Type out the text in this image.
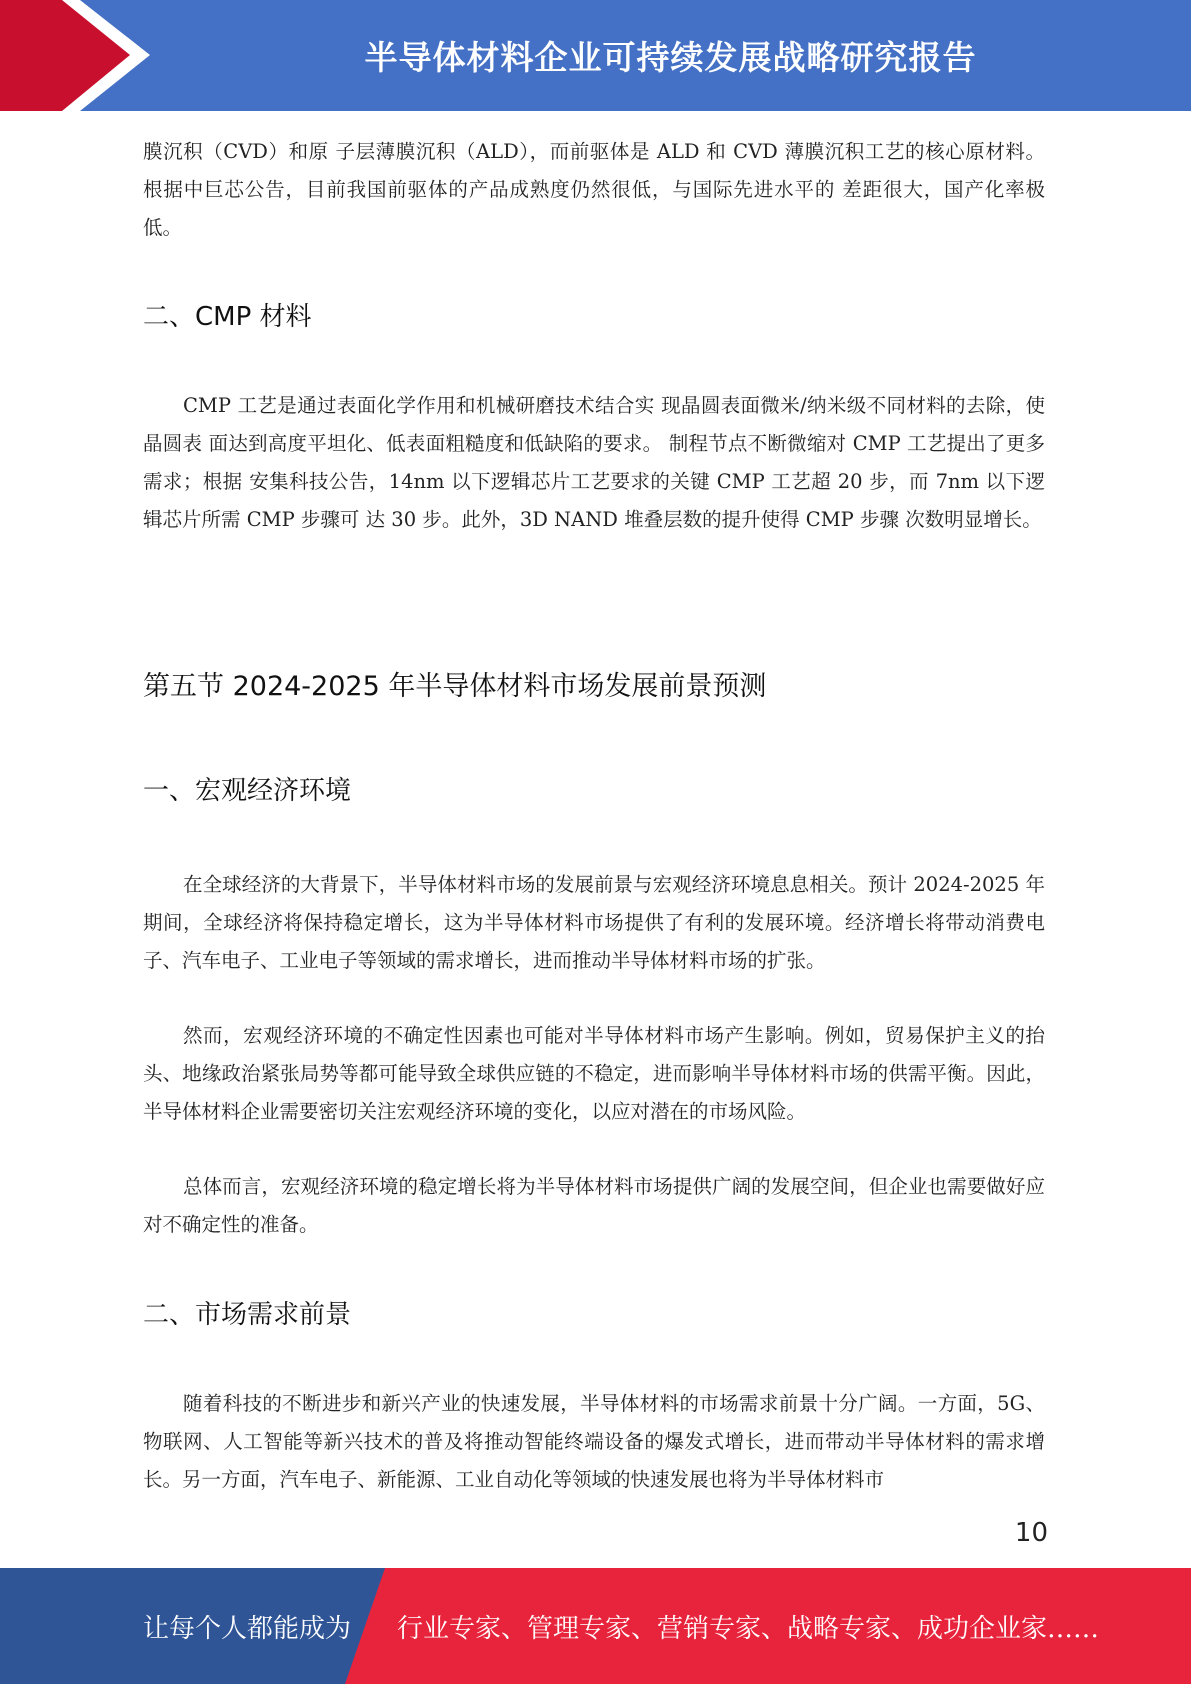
半导体材料企业可持续发展战略研究报告
膜沉积（CVD）和原 子层薄膜沉积（ALD），而前驱体是 ALD 和 CVD 薄膜沉积工艺的核心原材料。 根据中巨芯公告，目前我国前驱体的产品成熟度仍然很低，与国际先进水平的 差距很大，国产化率极低。
二、CMP 材料
CMP 工艺是通过表面化学作用和机械研磨技术结合实 现晶圆表面微米/纳米级不同材料的去除，使晶圆表 面达到高度平坦化、低表面粗糙度和低缺陷的要求。 制程节点不断微缩对 CMP 工艺提出了更多需求；根据 安集科技公告，14nm 以下逻辑芯片工艺要求的关键 CMP 工艺超 20 步，而 7nm 以下逻辑芯片所需 CMP 步骤可 达 30 步。此外，3D NAND 堆叠层数的提升使得 CMP 步骤 次数明显增长。
第五节 2024-2025 年半导体材料市场发展前景预测
一、宏观经济环境
在全球经济的大背景下，半导体材料市场的发展前景与宏观经济环境息息相关。预计 2024-2025 年期间，全球经济将保持稳定增长，这为半导体材料市场提供了有利的发展环境。经济增长将带动消费电子、汽车电子、工业电子等领域的需求增长，进而推动半导体材料市场的扩张。
然而，宏观经济环境的不确定性因素也可能对半导体材料市场产生影响。例如，贸易保护主义的抬头、地缘政治紧张局势等都可能导致全球供应链的不稳定，进而影响半导体材料市场的供需平衡。因此，半导体材料企业需要密切关注宏观经济环境的变化，以应对潜在的市场风险。
总体而言，宏观经济环境的稳定增长将为半导体材料市场提供广阔的发展空间，但企业也需要做好应对不确定性的准备。
二、市场需求前景
随着科技的不断进步和新兴产业的快速发展，半导体材料的市场需求前景十分广阔。一方面，5G、物联网、人工智能等新兴技术的普及将推动智能终端设备的爆发式增长，进而带动半导体材料的需求增长。另一方面，汽车电子、新能源、工业自动化等领域的快速发展也将为半导体材料市
10
让每个人都能成为 行业专家、管理专家、营销专家、战略专家、成功企业家……
